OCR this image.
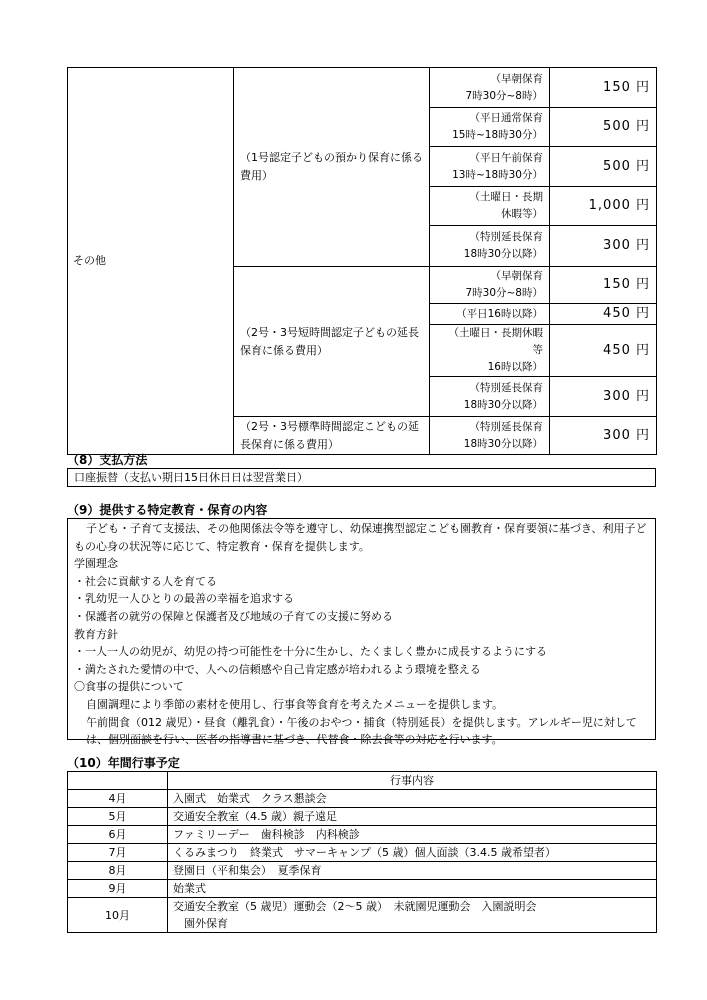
その他	（1号認定子どもの預かり保育に係る費用）	（早朝保育
7時30分~8時）	150 円

		（平日通常保育
15時~18時30分）	500 円

		（平日午前保育
13時~18時30分）	500 円

		（土曜日・長期
休暇等）	1,000 円

		（特別延長保育
18時30分以降）	300 円
	（2号・3号短時間認定子どもの延長保育に係る費用）	（早朝保育
7時30分~8時）	150 円

		（平日16時以降）	450 円

		（土曜日・長期休暇等
16時以降）	450 円

		（特別延長保育
18時30分以降）	300 円
	（2号・3号標準時間認定こどもの延長保育に係る費用）	（特別延長保育
18時30分以降）	300 円
（8）支払方法
口座振替（支払い期日15日休日日は翌営業日）
（9）提供する特定教育・保育の内容
子ども・子育て支援法、その他関係法令等を遵守し、幼保連携型認定こども園教育・保育要領に基づき、利用子どもの心身の状況等に応じて、特定教育・保育を提供します。
学園理念
・社会に貢献する人を育てる
・乳幼児一人ひとりの最善の幸福を追求する
・保護者の就労の保障と保護者及び地域の子育ての支援に努める
教育方針
・一人一人の幼児が、幼児の持つ可能性を十分に生かし、たくましく豊かに成長するようにする
・満たされた愛情の中で、人への信頼感や自己肯定感が培われるよう環境を整える
〇食事の提供について
自園調理により季節の素材を使用し、行事食等食育を考えたメニューを提供します。
午前間食（012 歳児）・昼食（離乳食）・午後のおやつ・捕食（特別延長）を提供します。アレルギー児に対しては、個別面談を行い、医者の指導書に基づき、代替食・除去食等の対応を行います。
（10）年間行事予定
	行事内容
4月	入園式　始業式　クラス懇談会
5月	交通安全教室（4.5 歳）親子遠足
6月	ファミリーデー　歯科検診　内科検診
7月	くるみまつり　終業式　サマーキャンプ（5 歳）個人面談（3.4.5 歳希望者）
8月	登園日（平和集会）　夏季保育
9月	始業式
10月	交通安全教室（5 歳児）運動会（2～5 歳）　未就園児運動会　入園説明会
　園外保育
